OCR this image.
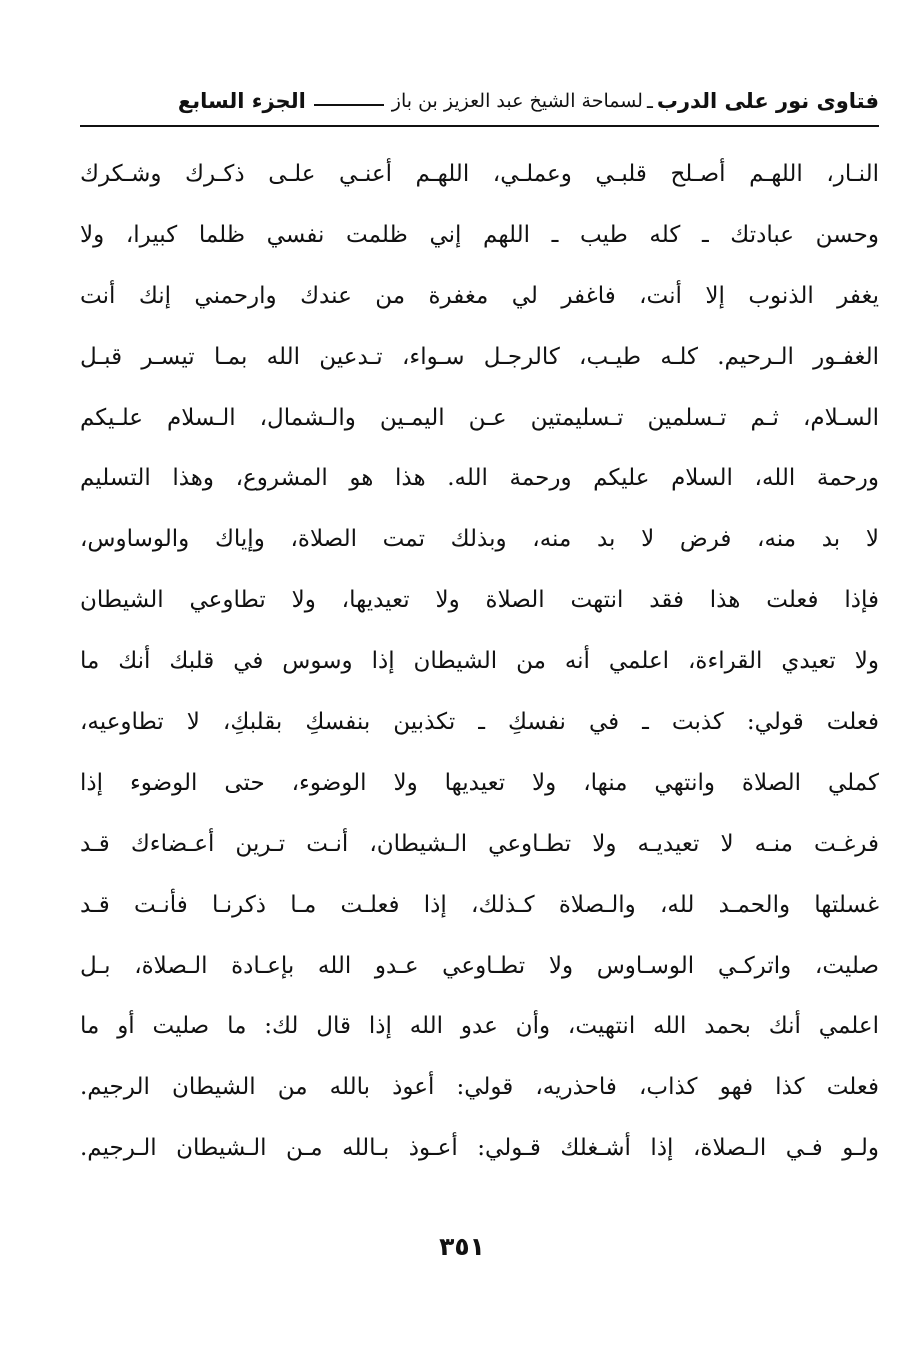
فتاوى نور على الدرب
ـ
لسماحة الشيخ عبد العزيز بن باز
الجزء السابع
النـار، اللهـم أصـلح قلبـي وعملـي، اللهـم أعنـي علـى ذكـرك وشـكرك
وحسن عبادتك ـ كله طيب ـ اللهم إني ظلمت نفسي ظلما كبيرا، ولا
يغفر الذنوب إلا أنت، فاغفر لي مغفرة من عندك وارحمني إنك أنت
الغفـور الـرحيم. كلـه طيـب، كالرجـل سـواء، تـدعين الله بمـا تيسـر قبـل
السـلام، ثـم تـسلمين تـسليمتين عـن اليمـين والـشمال، الـسلام علـيكم
ورحمة الله، السلام عليكم ورحمة الله. هذا هو المشروع، وهذا التسليم
لا بد منه، فرض لا بد منه، وبذلك تمت الصلاة، وإياك والوساوس،
فإذا فعلت هذا فقد انتهت الصلاة ولا تعيديها، ولا تطاوعي الشيطان
ولا تعيدي القراءة، اعلمي أنه من الشيطان إذا وسوس في قلبك أنك ما
فعلت قولي: كذبت ـ في نفسكِ ـ تكذبين بنفسكِ بقلبكِ، لا تطاوعيه،
كملي الصلاة وانتهي منها، ولا تعيديها ولا الوضوء، حتى الوضوء إذا
فرغـت منـه لا تعيديـه ولا تطـاوعي الـشيطان، أنـت تـرين أعـضاءك قـد
غسلتها والحمـد لله، والـصلاة كـذلك، إذا فعلـت مـا ذكرنـا فأنـت قـد
صليت، واتركـي الوسـاوس ولا تطـاوعي عـدو الله بإعـادة الـصلاة، بـل
اعلمي أنك بحمد الله انتهيت، وأن عدو الله إذا قال لك: ما صليت أو ما
فعلت كذا فهو كذاب، فاحذريه، قولي: أعوذ بالله من الشيطان الرجيم.
ولـو فـي الـصلاة، إذا أشـغلك قـولي: أعـوذ بـالله مـن الـشيطان الـرجيم.
٣٥١
